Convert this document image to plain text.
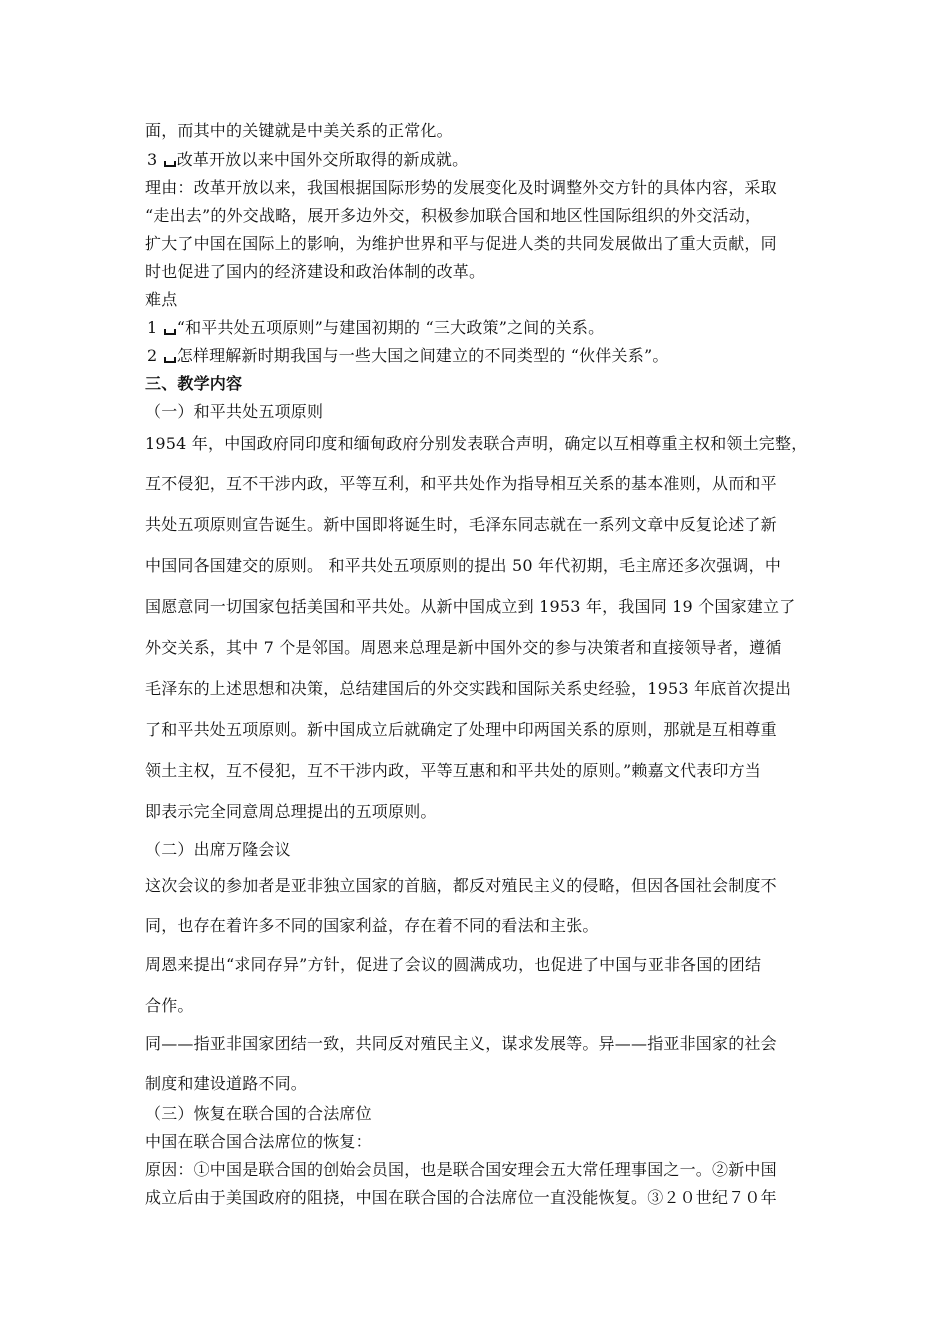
面，而其中的关键就是中美关系的正常化。
3 改革开放以来中国外交所取得的新成就。
理由：改革开放以来，我国根据国际形势的发展变化及时调整外交方针的具体内容，采取
“走出去”的外交战略，展开多边外交，积极参加联合国和地区性国际组织的外交活动，
扩大了中国在国际上的影响，为维护世界和平与促进人类的共同发展做出了重大贡献，同
时也促进了国内的经济建设和政治体制的改革。
难点
1 “和平共处五项原则”与建国初期的 “三大政策”之间的关系。
2 怎样理解新时期我国与一些大国之间建立的不同类型的 “伙伴关系”。
三、教学内容
（一）和平共处五项原则
1954 年，中国政府同印度和缅甸政府分别发表联合声明，确定以互相尊重主权和领土完整，
互不侵犯，互不干涉内政，平等互利，和平共处作为指导相互关系的基本准则，从而和平
共处五项原则宣告诞生。新中国即将诞生时，毛泽东同志就在一系列文章中反复论述了新
中国同各国建交的原则。 和平共处五项原则的提出 50 年代初期，毛主席还多次强调，中
国愿意同一切国家包括美国和平共处。从新中国成立到 1953 年，我国同 19 个国家建立了
外交关系，其中 7 个是邻国。周恩来总理是新中国外交的参与决策者和直接领导者，遵循
毛泽东的上述思想和决策，总结建国后的外交实践和国际关系史经验，1953 年底首次提出
了和平共处五项原则。新中国成立后就确定了处理中印两国关系的原则，那就是互相尊重
领土主权，互不侵犯，互不干涉内政，平等互惠和和平共处的原则。”赖嘉文代表印方当
即表示完全同意周总理提出的五项原则。
（二）出席万隆会议
这次会议的参加者是亚非独立国家的首脑，都反对殖民主义的侵略，但因各国社会制度不
同，也存在着许多不同的国家利益，存在着不同的看法和主张。
周恩来提出“求同存异”方针，促进了会议的圆满成功，也促进了中国与亚非各国的团结
合作。
同——指亚非国家团结一致，共同反对殖民主义，谋求发展等。异——指亚非国家的社会
制度和建设道路不同。
（三）恢复在联合国的合法席位
中国在联合国合法席位的恢复：
原因：①中国是联合国的创始会员国，也是联合国安理会五大常任理事国之一。②新中国
成立后由于美国政府的阻挠，中国在联合国的合法席位一直没能恢复。③２０世纪７０年
